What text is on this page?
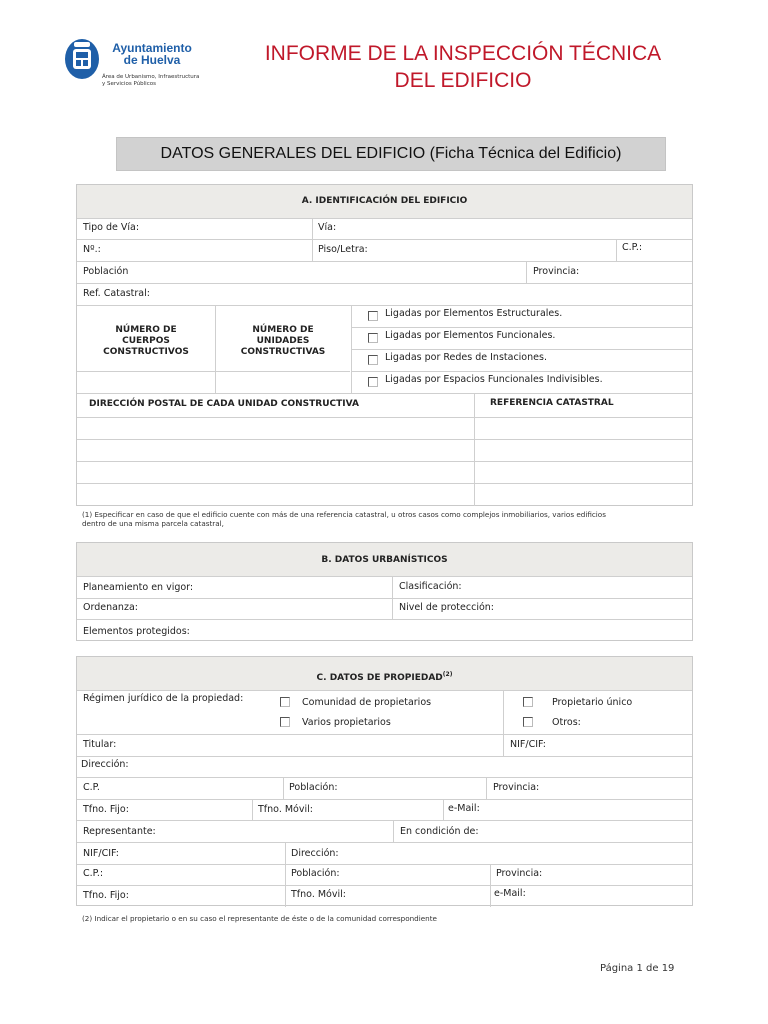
Ayuntamiento
de Huelva
Área de Urbanismo, Infraestructura
y Servicios Públicos
INFORME DE LA INSPECCIÓN TÉCNICA
DEL EDIFICIO
DATOS GENERALES DEL EDIFICIO (Ficha Técnica del Edificio)
A. IDENTIFICACIÓN DEL EDIFICIO
Tipo de Vía:	Vía:
Nº.:	Piso/Letra:	C.P.:
Población	Provincia:
Ref. Catastral:
NÚMERO DE
CUERPOS
CONSTRUCTIVOS
NÚMERO DE
UNIDADES
CONSTRUCTIVAS
Ligadas por Elementos Estructurales.
Ligadas por Elementos Funcionales.
Ligadas por Redes de Instaciones.
Ligadas por Espacios Funcionales Indivisibles.
DIRECCIÓN POSTAL DE CADA UNIDAD CONSTRUCTIVA	REFERENCIA CATASTRAL
(1) Especificar en caso de que el edificio cuente con más de una referencia catastral, u otros casos como complejos inmobiliarios, varios edificios
dentro de una misma parcela catastral,
B. DATOS URBANÍSTICOS
Planeamiento en vigor:	Clasificación:
Ordenanza:	Nivel de protección:
Elementos protegidos:
C. DATOS DE PROPIEDAD$^{(2)}$
Régimen jurídico de la propiedad:	Comunidad de propietarios
Varios propietarios
Propietario único
Otros:
Titular:	NIF/CIF:
Dirección:
C.P.	Población:	Provincia:
Tfno. Fijo:	Tfno. Móvil:	e-Mail:
Representante:	En condición de:
NIF/CIF:	Dirección:
C.P.:	Población:	Provincia:
Tfno. Fijo:	Tfno. Móvil:	e-Mail:
(2) Indicar el propietario o en su caso el representante de éste o de la comunidad correspondiente
Página 1 de 19
